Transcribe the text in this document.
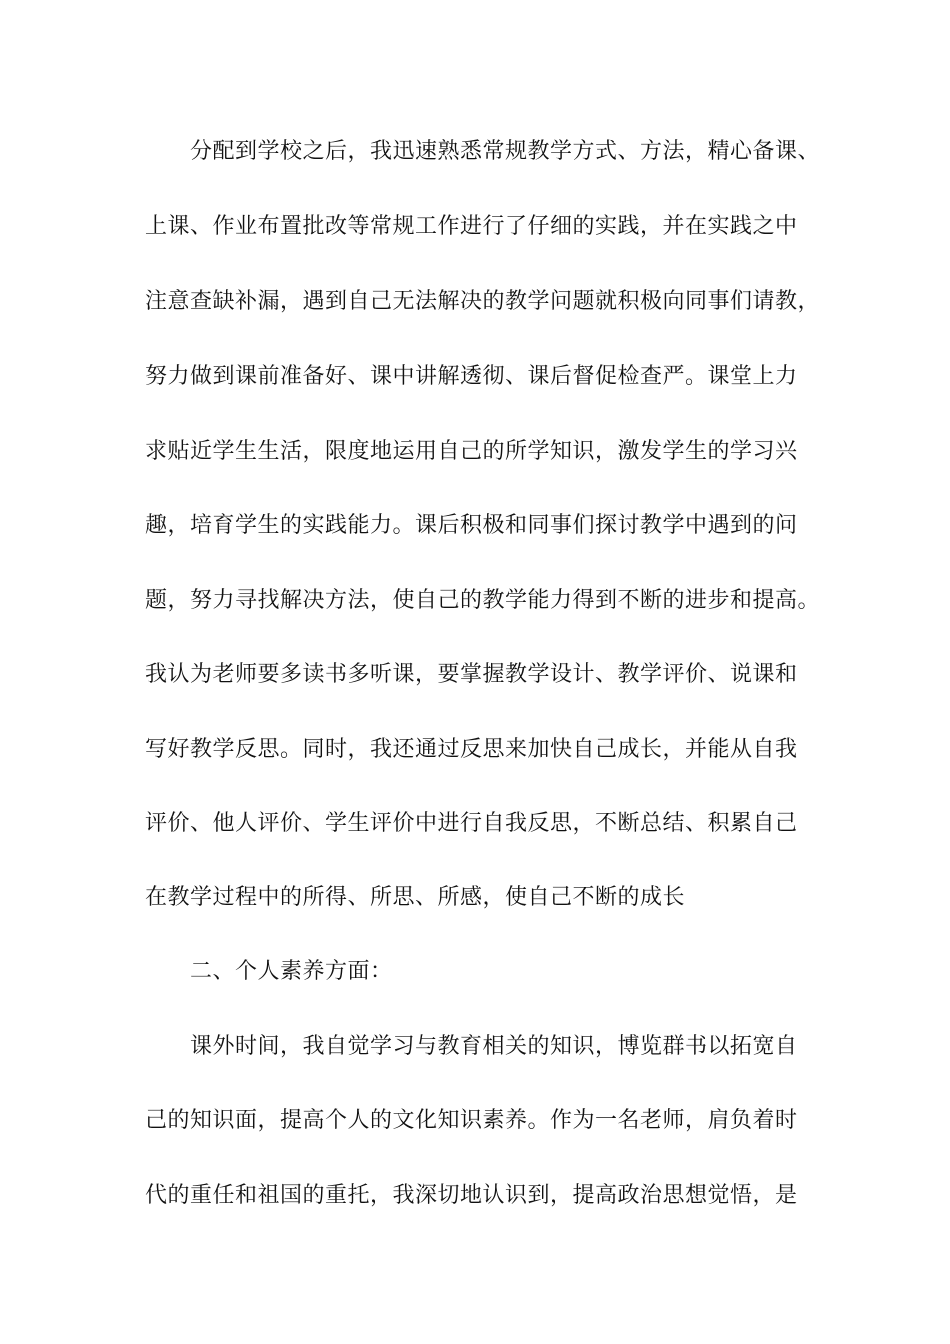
分配到学校之后，我迅速熟悉常规教学方式、方法，精心备课、
上课、作业布置批改等常规工作进行了仔细的实践，并在实践之中
注意查缺补漏，遇到自己无法解决的教学问题就积极向同事们请教，
努力做到课前准备好、课中讲解透彻、课后督促检查严。课堂上力
求贴近学生生活，限度地运用自己的所学知识，激发学生的学习兴
趣，培育学生的实践能力。课后积极和同事们探讨教学中遇到的问
题，努力寻找解决方法，使自己的教学能力得到不断的进步和提高。
我认为老师要多读书多听课，要掌握教学设计、教学评价、说课和
写好教学反思。同时，我还通过反思来加快自己成长，并能从自我
评价、他人评价、学生评价中进行自我反思，不断总结、积累自己
在教学过程中的所得、所思、所感，使自己不断的成长
二、个人素养方面：
课外时间，我自觉学习与教育相关的知识，博览群书以拓宽自
己的知识面，提高个人的文化知识素养。作为一名老师，肩负着时
代的重任和祖国的重托，我深切地认识到，提高政治思想觉悟，是
